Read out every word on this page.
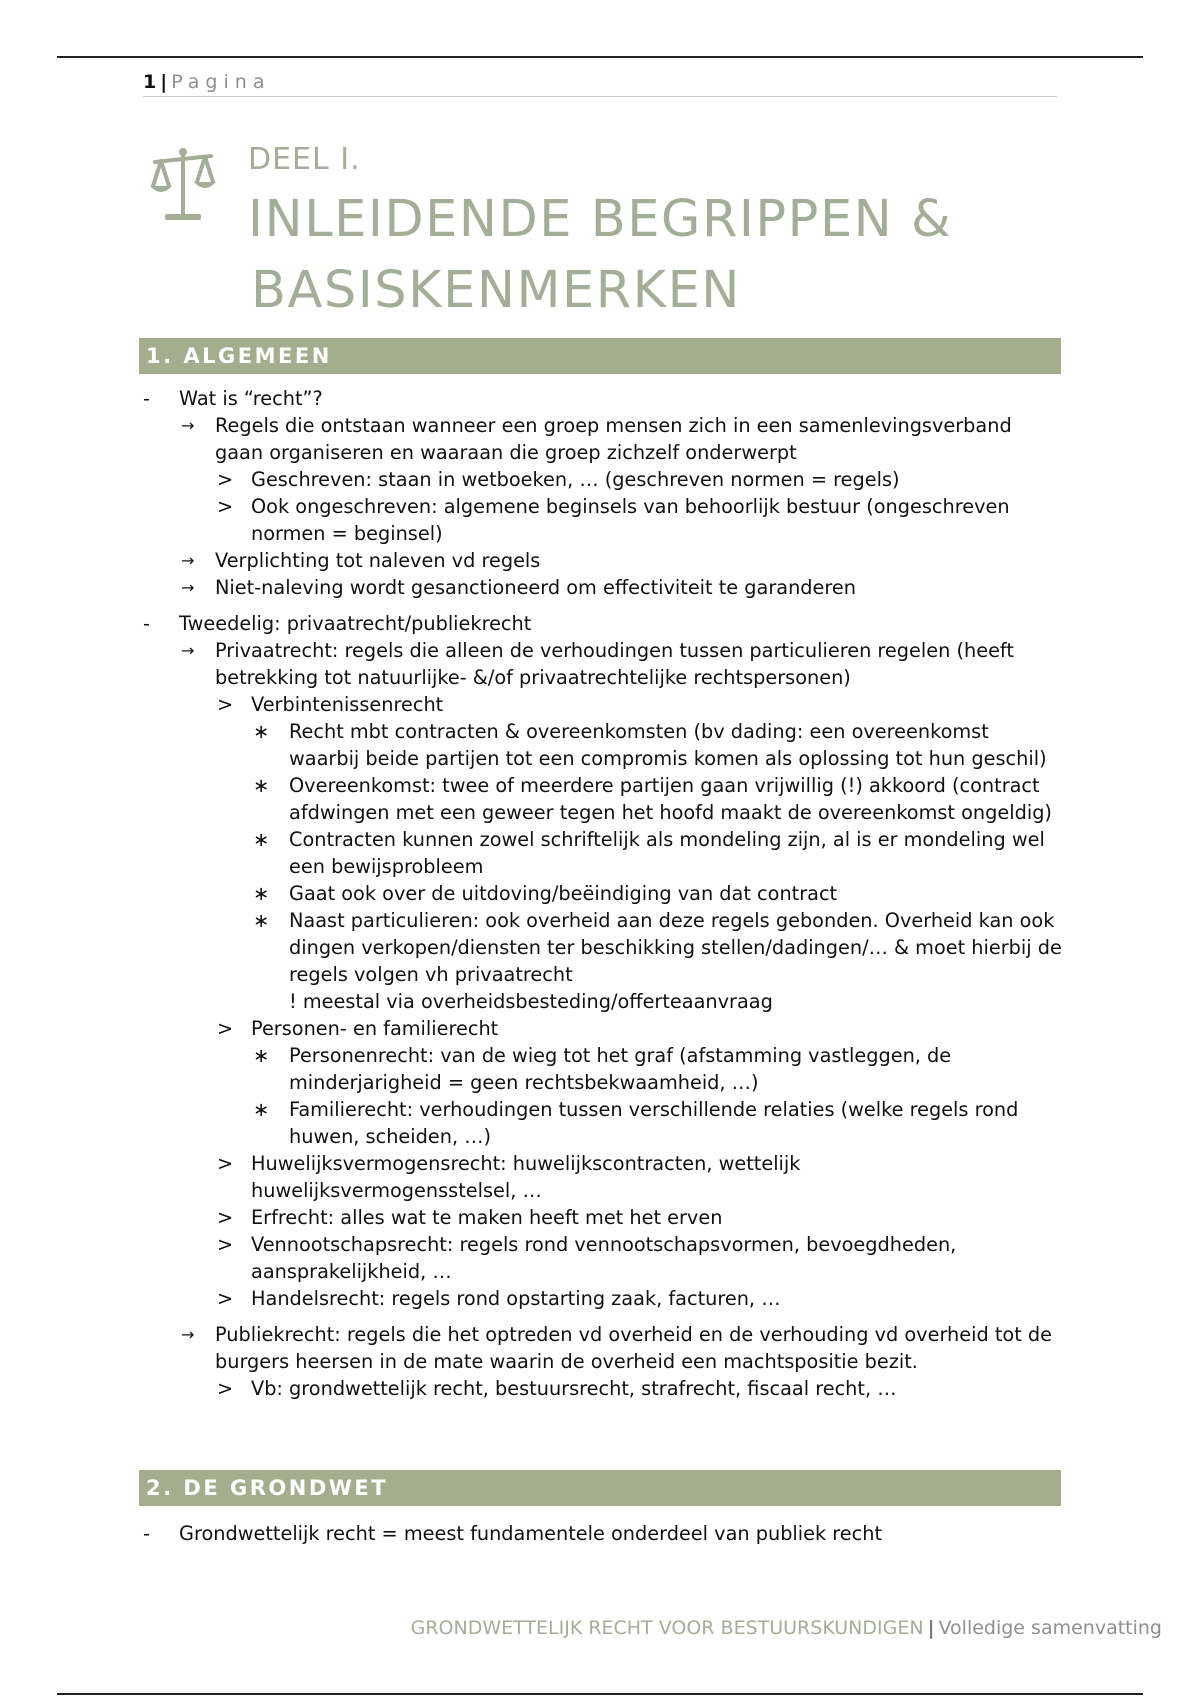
1 | Pagina
DEEL I.
INLEIDENDE BEGRIPPEN &
BASISKENMERKEN
1. ALGEMEEN
- Wat is “recht”?
→ Regels die ontstaan wanneer een groep mensen zich in een samenlevingsverband gaan organiseren en waaraan die groep zichzelf onderwerpt
> Geschreven: staan in wetboeken, … (geschreven normen = regels)
> Ook ongeschreven: algemene beginsels van behoorlijk bestuur (ongeschreven normen = beginsel)
→ Verplichting tot naleven vd regels
→ Niet-naleving wordt gesanctioneerd om effectiviteit te garanderen
- Tweedelig: privaatrecht/publiekrecht
→ Privaatrecht: regels die alleen de verhoudingen tussen particulieren regelen (heeft betrekking tot natuurlijke- &/of privaatrechtelijke rechtspersonen)
> Verbintenissenrecht
∗ Recht mbt contracten & overeenkomsten (bv dading: een overeenkomst waarbij beide partijen tot een compromis komen als oplossing tot hun geschil)
∗ Overeenkomst: twee of meerdere partijen gaan vrijwillig (!) akkoord (contract afdwingen met een geweer tegen het hoofd maakt de overeenkomst ongeldig)
∗ Contracten kunnen zowel schriftelijk als mondeling zijn, al is er mondeling wel een bewijsprobleem
∗ Gaat ook over de uitdoving/beëindiging van dat contract
∗ Naast particulieren: ook overheid aan deze regels gebonden. Overheid kan ook dingen verkopen/diensten ter beschikking stellen/dadingen/… & moet hierbij de regels volgen vh privaatrecht
! meestal via overheidsbesteding/offerteaanvraag
> Personen- en familierecht
∗ Personenrecht: van de wieg tot het graf (afstamming vastleggen, de minderjarigheid = geen rechtsbekwaamheid, …)
∗ Familierecht: verhoudingen tussen verschillende relaties (welke regels rond huwen, scheiden, …)
> Huwelijksvermogensrecht: huwelijkscontracten, wettelijk huwelijksvermogensstelsel, …
> Erfrecht: alles wat te maken heeft met het erven
> Vennootschapsrecht: regels rond vennootschapsvormen, bevoegdheden, aansprakelijkheid, …
> Handelsrecht: regels rond opstarting zaak, facturen, …
→ Publiekrecht: regels die het optreden vd overheid en de verhouding vd overheid tot de burgers heersen in de mate waarin de overheid een machtspositie bezit.
> Vb: grondwettelijk recht, bestuursrecht, strafrecht, fiscaal recht, …
2. DE GRONDWET
- Grondwettelijk recht = meest fundamentele onderdeel van publiek recht
GRONDWETTELIJK RECHT VOOR BESTUURSKUNDIGEN | Volledige samenvatting
